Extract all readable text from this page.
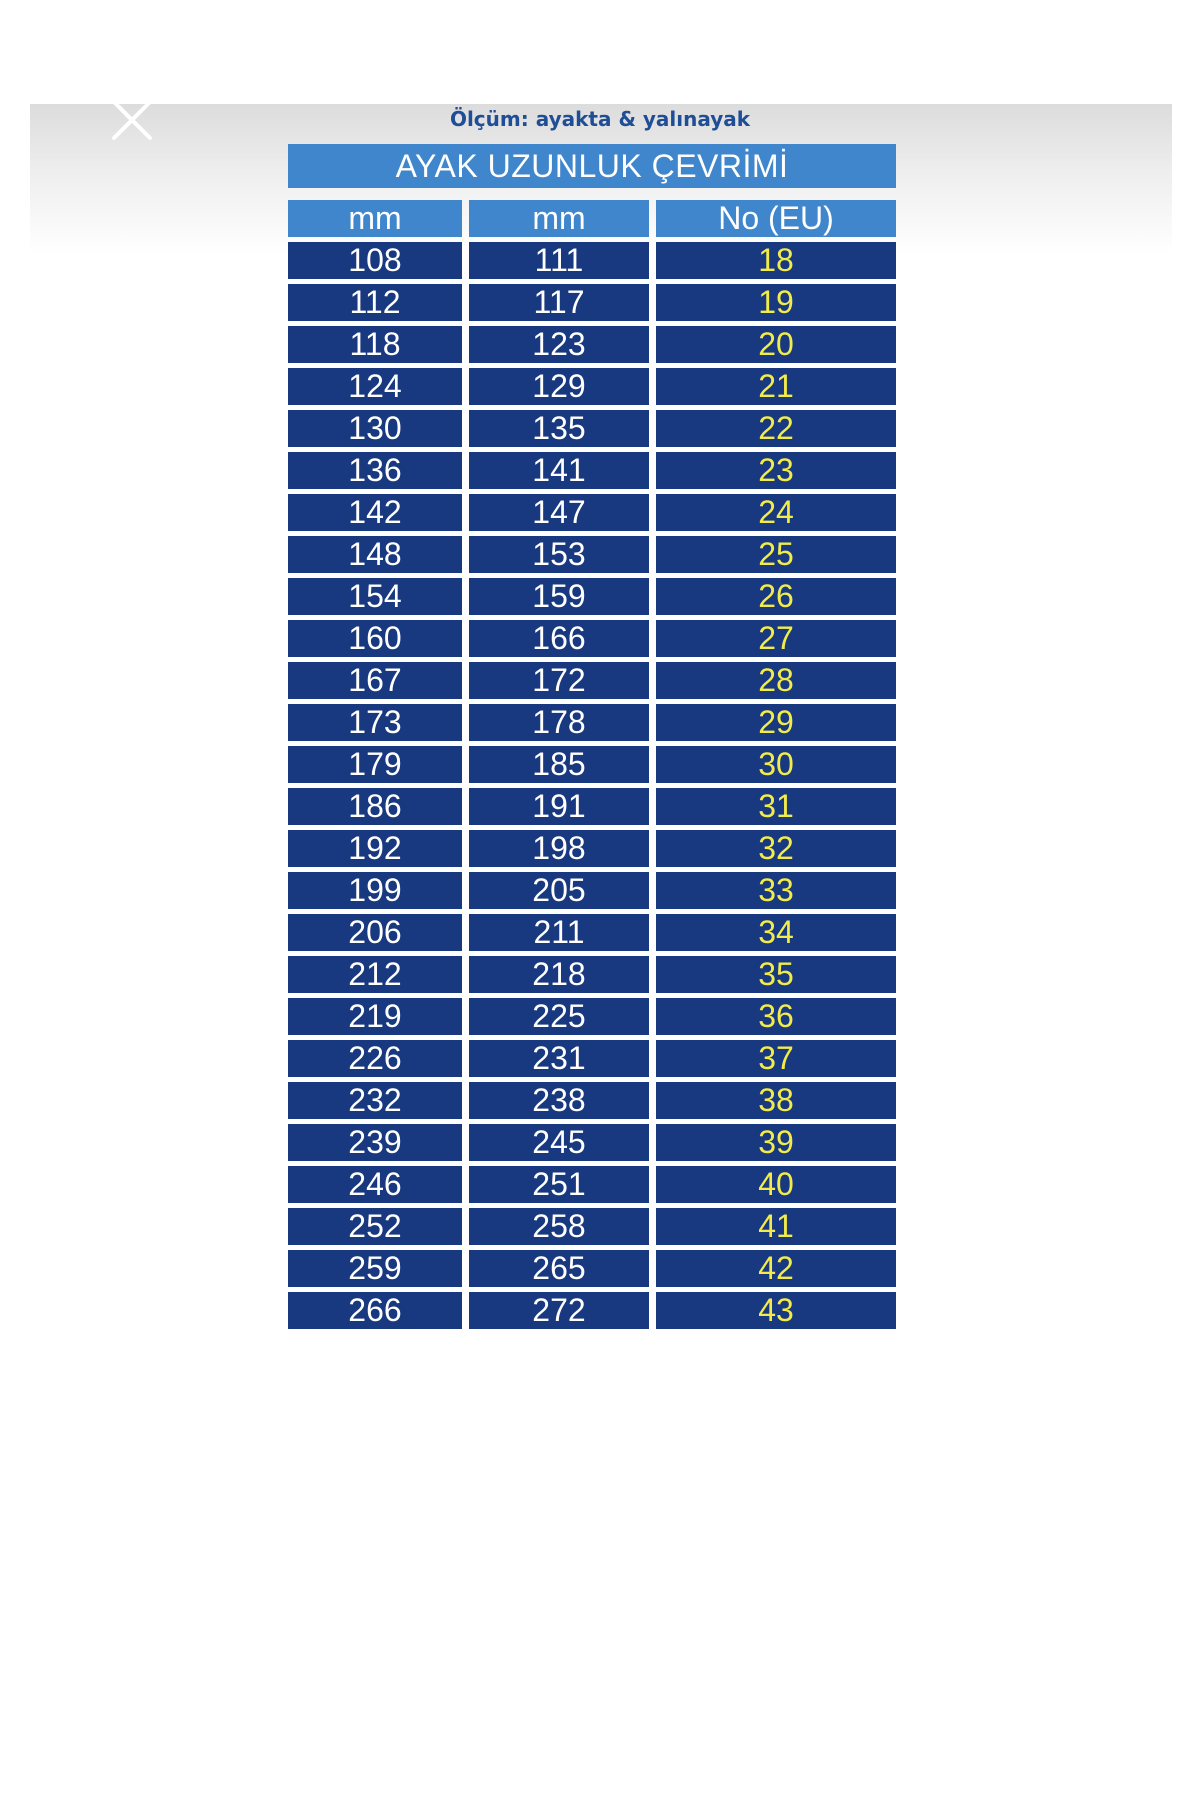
Ölçüm: ayakta & yalınayak
AYAK UZUNLUK ÇEVRİMİ
mm	mm	No (EU)
108	111	18
112	117	19
118	123	20
124	129	21
130	135	22
136	141	23
142	147	24
148	153	25
154	159	26
160	166	27
167	172	28
173	178	29
179	185	30
186	191	31
192	198	32
199	205	33
206	211	34
212	218	35
219	225	36
226	231	37
232	238	38
239	245	39
246	251	40
252	258	41
259	265	42
266	272	43
